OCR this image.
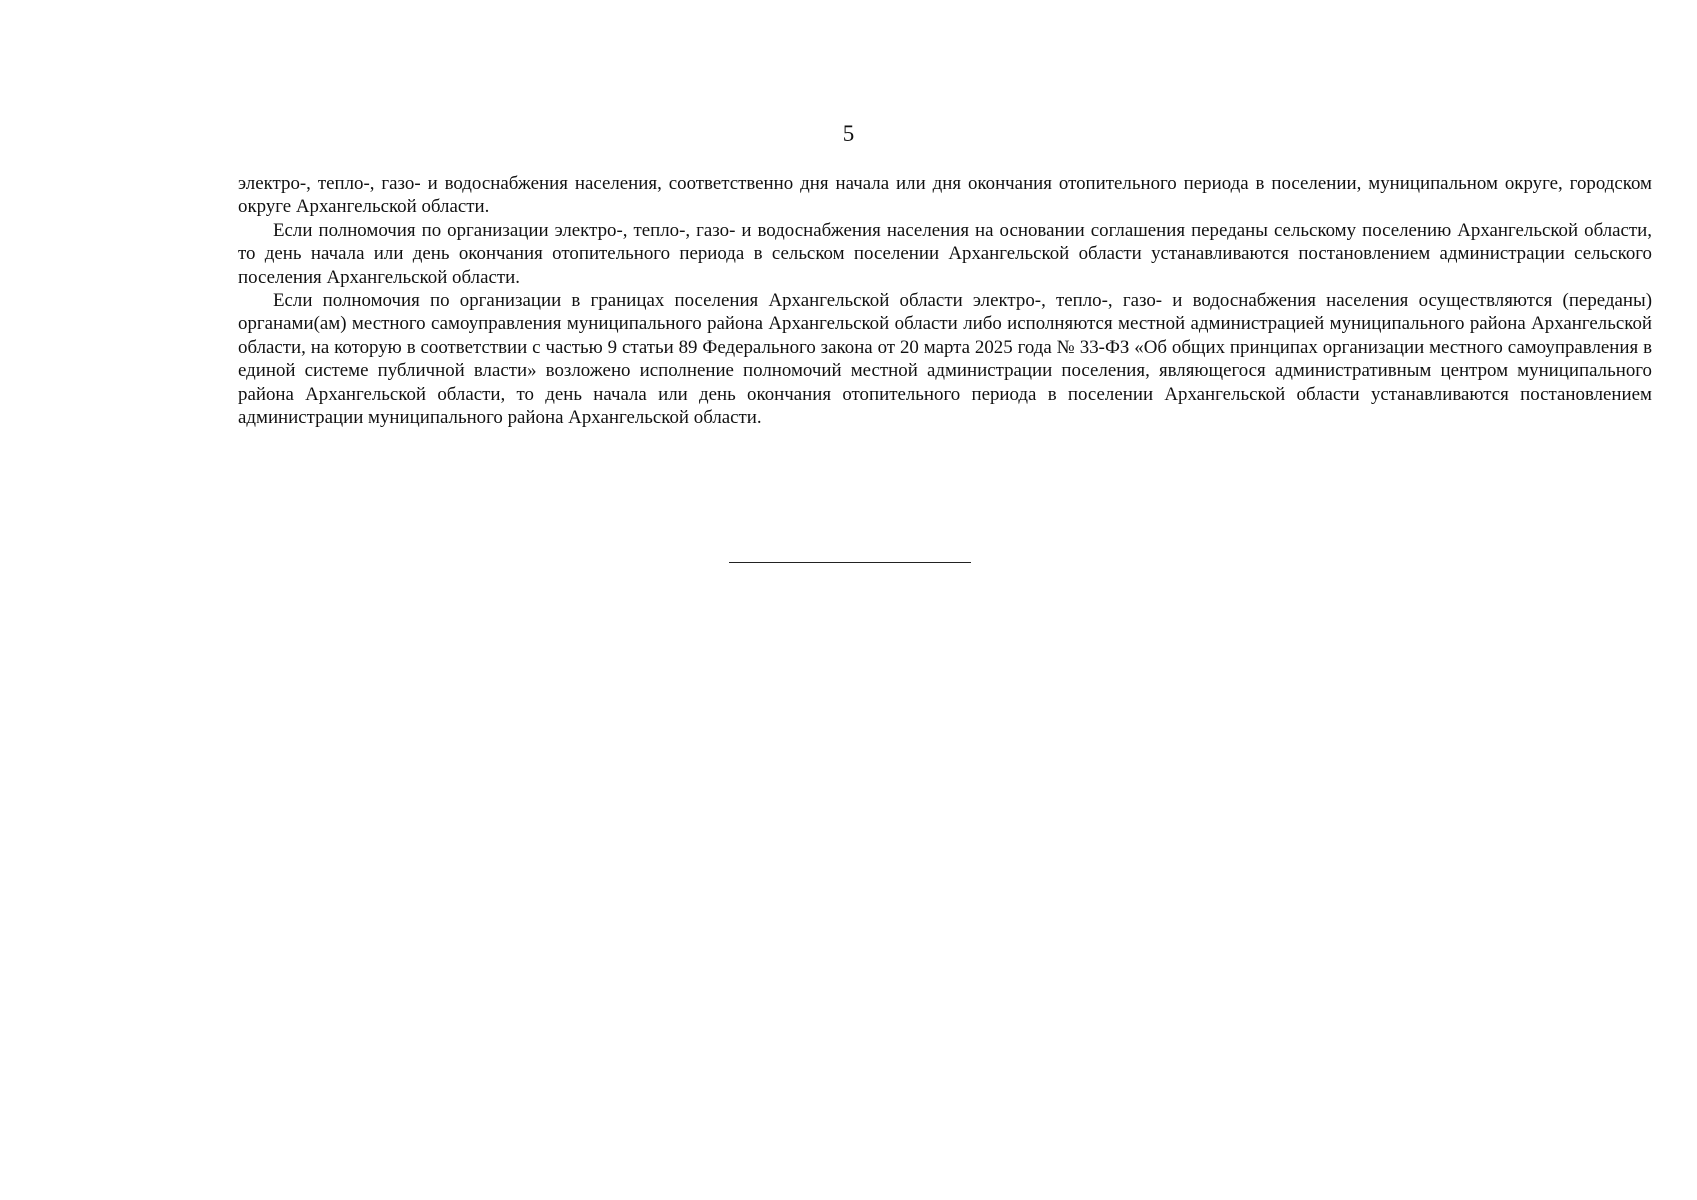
5

электро-, тепло-, газо- и водоснабжения населения, соответственно дня начала или дня окончания отопительного периода в поселении, муниципальном округе, городском округе Архангельской области.

Если полномочия по организации электро-, тепло-, газо- и водоснабжения населения на основании соглашения переданы сельскому поселению Архангельской области, то день начала или день окончания отопительного периода в сельском поселении Архангельской области устанавливаются постановлением администрации сельского поселения Архангельской области.

Если полномочия по организации в границах поселения Архангельской области электро-, тепло-, газо- и водоснабжения населения осуществляются (переданы) органами(ам) местного самоуправления муниципального района Архангельской области либо исполняются местной администрацией муниципального района Архангельской области, на которую в соответствии с частью 9 статьи 89 Федерального закона от 20 марта 2025 года № 33-ФЗ «Об общих принципах организации местного самоуправления в единой системе публичной власти» возложено исполнение полномочий местной администрации поселения, являющегося административным центром муниципального района Архангельской области, то день начала или день окончания отопительного периода в поселении Архангельской области устанавливаются постановлением администрации муниципального района Архангельской области.
